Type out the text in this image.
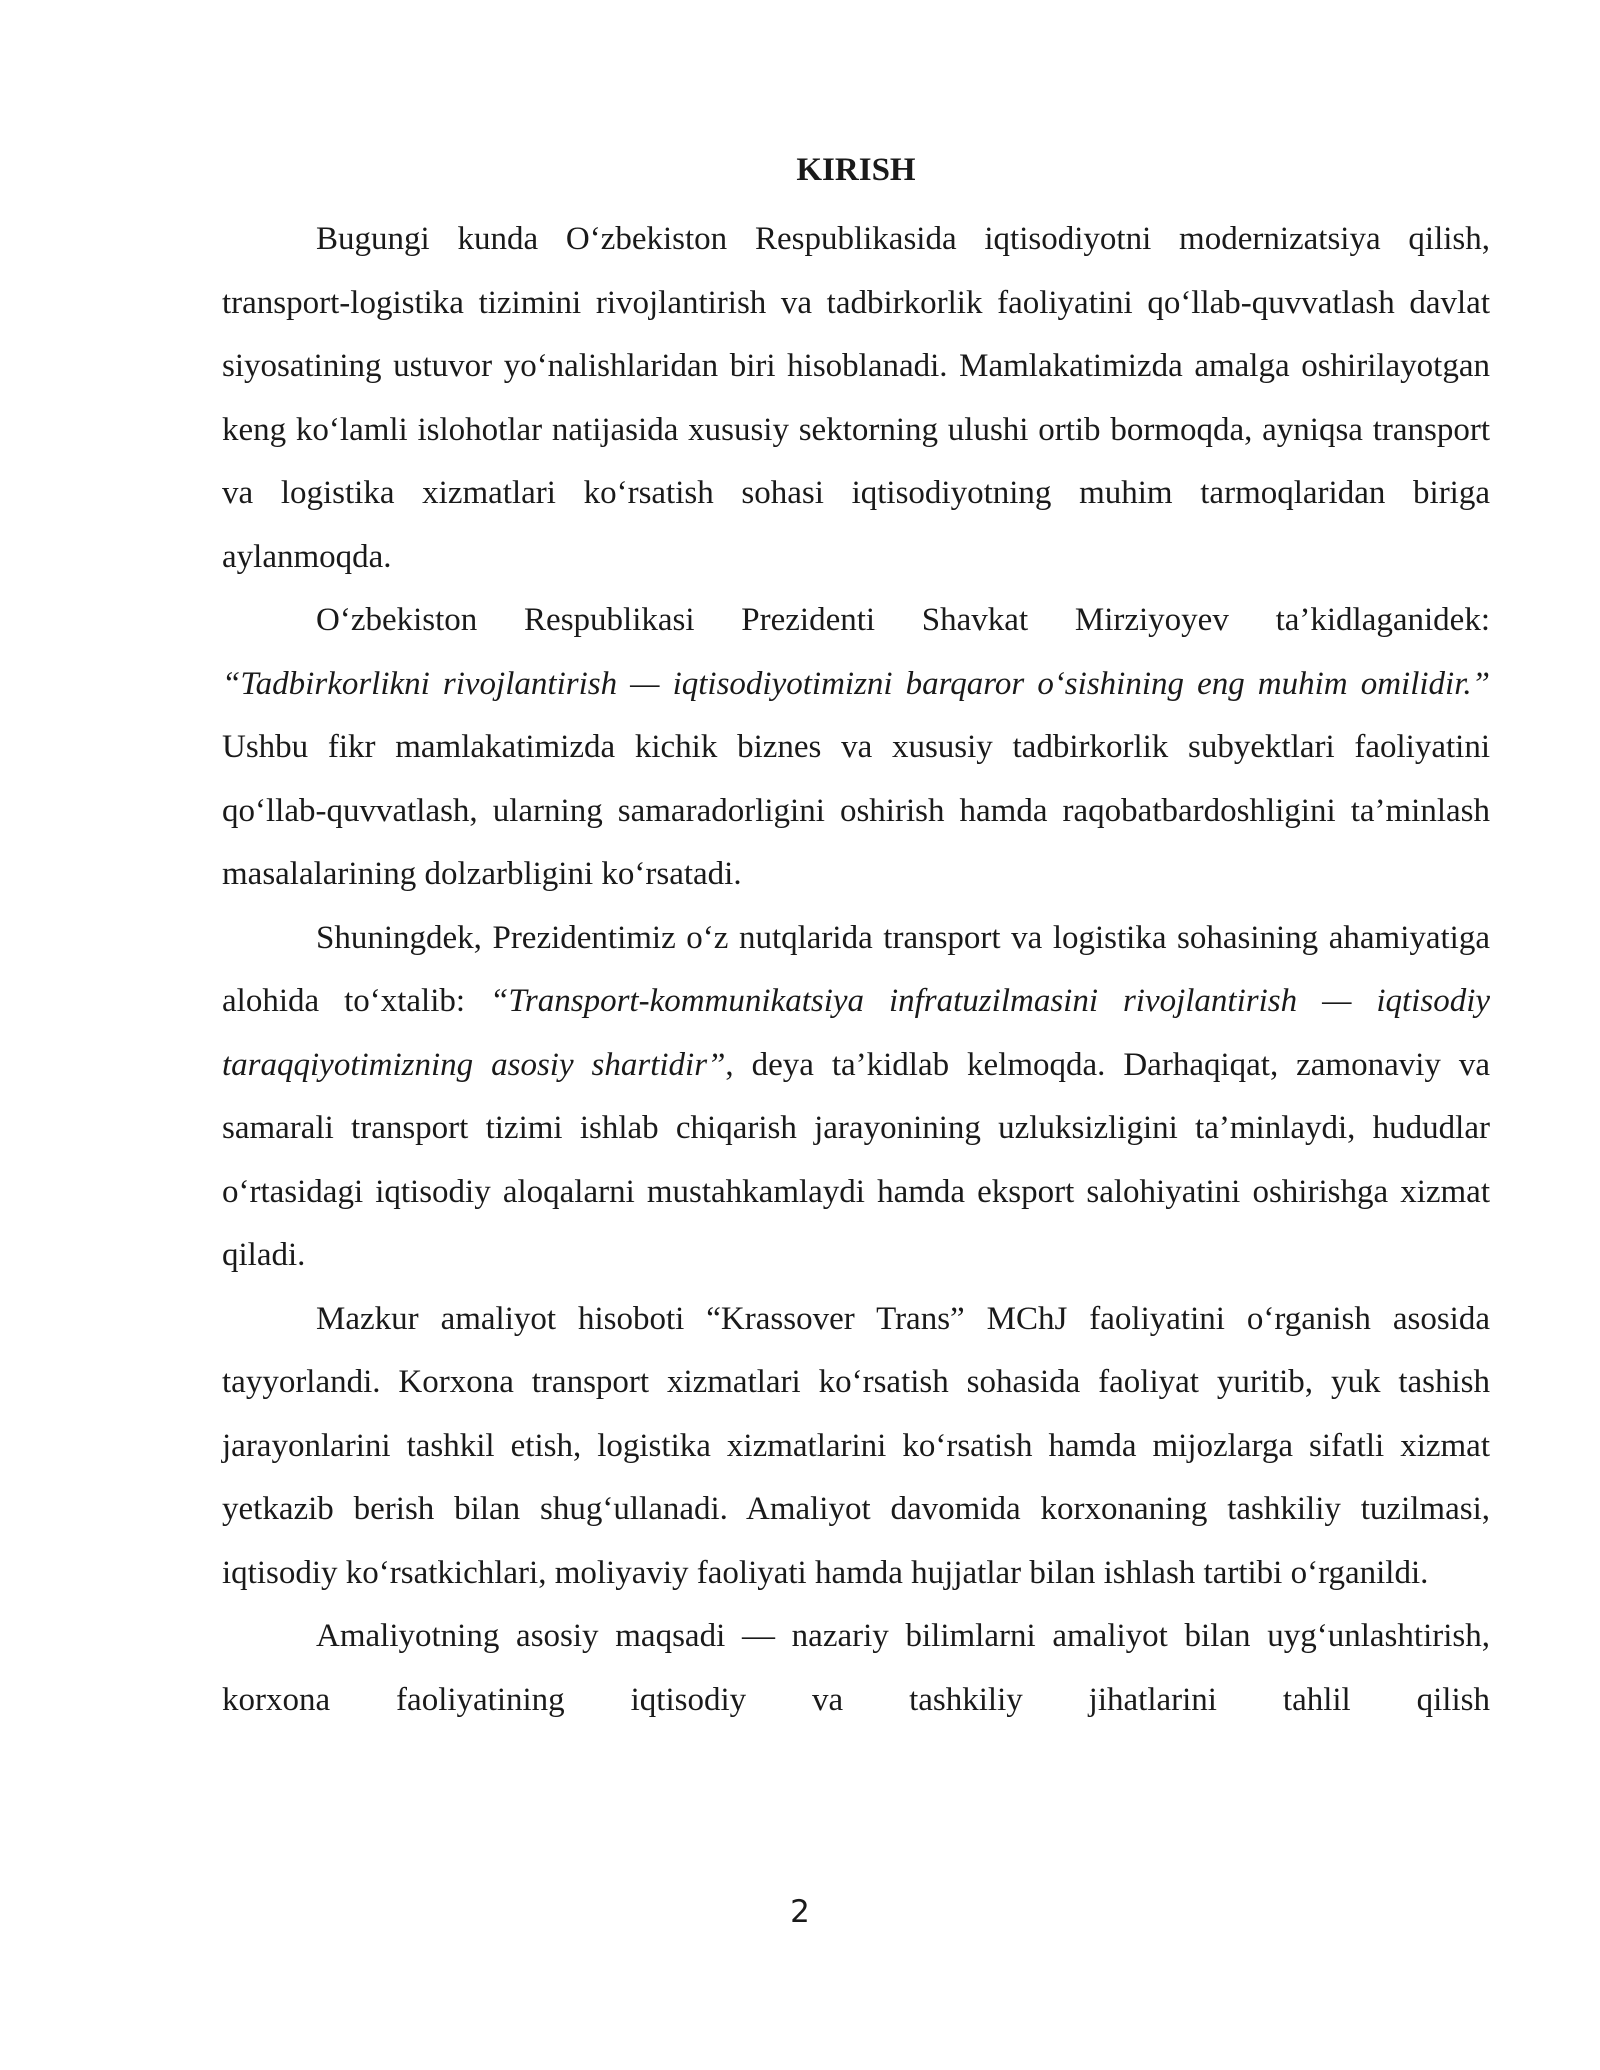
KIRISH

Bugungi kunda O‘zbekiston Respublikasida iqtisodiyotni modernizatsiya qilish, transport-logistika tizimini rivojlantirish va tadbirkorlik faoliyatini qo‘llab-quvvatlash davlat siyosatining ustuvor yo‘nalishlaridan biri hisoblanadi. Mamlakatimizda amalga oshirilayotgan keng ko‘lamli islohotlar natijasida xususiy sektorning ulushi ortib bormoqda, ayniqsa transport va logistika xizmatlari ko‘rsatish sohasi iqtisodiyotning muhim tarmoqlaridan biriga aylanmoqda.

O‘zbekiston Respublikasi Prezidenti Shavkat Mirziyoyev ta’kidlaganidek: “Tadbirkorlikni rivojlantirish — iqtisodiyotimizni barqaror o‘sishining eng muhim omilidir.” Ushbu fikr mamlakatimizda kichik biznes va xususiy tadbirkorlik subyektlari faoliyatini qo‘llab-quvvatlash, ularning samaradorligini oshirish hamda raqobatbardoshligini ta’minlash masalalarining dolzarbligini ko‘rsatadi.

Shuningdek, Prezidentimiz o‘z nutqlarida transport va logistika sohasining ahamiyatiga alohida to‘xtalib: “Transport-kommunikatsiya infratuzilmasini rivojlantirish — iqtisodiy taraqqiyotimizning asosiy shartidir”, deya ta’kidlab kelmoqda. Darhaqiqat, zamonaviy va samarali transport tizimi ishlab chiqarish jarayonining uzluksizligini ta’minlaydi, hududlar o‘rtasidagi iqtisodiy aloqalarni mustahkamlaydi hamda eksport salohiyatini oshirishga xizmat qiladi.

Mazkur amaliyot hisoboti “Krassover Trans” MChJ faoliyatini o‘rganish asosida tayyorlandi. Korxona transport xizmatlari ko‘rsatish sohasida faoliyat yuritib, yuk tashish jarayonlarini tashkil etish, logistika xizmatlarini ko‘rsatish hamda mijozlarga sifatli xizmat yetkazib berish bilan shug‘ullanadi. Amaliyot davomida korxonaning tashkiliy tuzilmasi, iqtisodiy ko‘rsatkichlari, moliyaviy faoliyati hamda hujjatlar bilan ishlash tartibi o‘rganildi.

Amaliyotning asosiy maqsadi — nazariy bilimlarni amaliyot bilan uyg‘unlashtirish, korxona faoliyatining iqtisodiy va tashkiliy jihatlarini tahlil qilish

2
